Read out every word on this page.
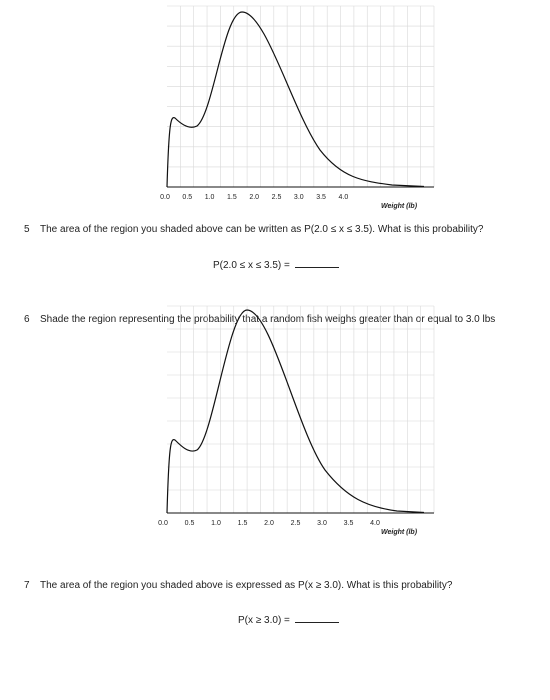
0.0 0.5 1.0 1.5 2.0 2.5 3.0 3.5 4.0
Weight (lb)
5 The area of the region you shaded above can be written as P(2.0 ≤ x ≤ 3.5). What is this probability?
P(2.0 ≤ x ≤ 3.5) =
6 Shade the region representing the probability that a random fish weighs greater than or equal to 3.0 lbs
0.0 0.5 1.0 1.5 2.0 2.5 3.0 3.5 4.0
Weight (lb)
7 The area of the region you shaded above is expressed as P(x ≥ 3.0). What is this probability?
P(x ≥ 3.0) =
